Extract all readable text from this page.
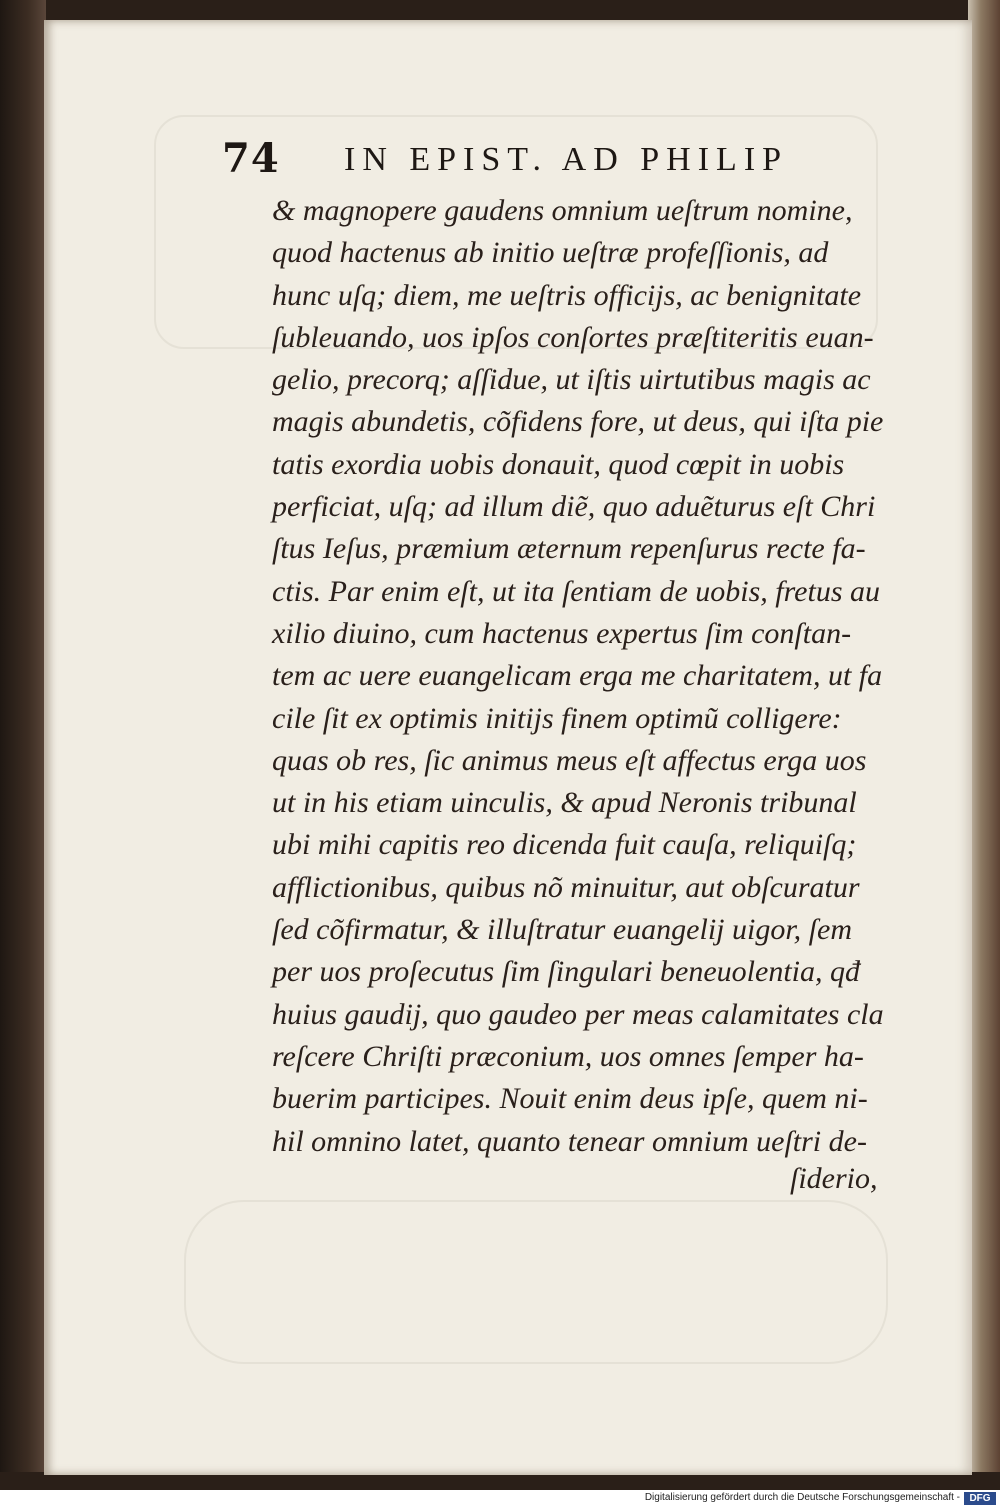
74 IN EPIST. AD PHILIP
& magnopere gaudens omnium ueſtrum nomine,
quod hactenus ab initio ueſtræ profeſſionis, ad
hunc uſq; diem, me ueſtris officijs, ac benignitate
ſubleuando, uos ipſos conſortes præſtiteritis euan-
gelio, precorq; aſſidue, ut iſtis uirtutibus magis ac
magis abundetis, cõfidens fore, ut deus, qui iſta pie
tatis exordia uobis donauit, quod cœpit in uobis
perficiat, uſq; ad illum diẽ, quo aduẽturus eſt Chri
ſtus Ieſus, præmium æternum repenſurus recte fa-
ctis. Par enim eſt, ut ita ſentiam de uobis, fretus au
xilio diuino, cum hactenus expertus ſim conſtan-
tem ac uere euangelicam erga me charitatem, ut fa
cile ſit ex optimis initijs finem optimũ colligere:
quas ob res, ſic animus meus eſt affectus erga uos
ut in his etiam uinculis, & apud Neronis tribunal
ubi mihi capitis reo dicenda fuit cauſa, reliquiſq;
afflictionibus, quibus nõ minuitur, aut obſcuratur
ſed cõfirmatur, & illuſtratur euangelij uigor, ſem
per uos proſecutus ſim ſingulari beneuolentia, qđ
huius gaudij, quo gaudeo per meas calamitates cla
reſcere Chriſti præconium, uos omnes ſemper ha-
buerim participes. Nouit enim deus ipſe, quem ni-
hil omnino latet, quanto tenear omnium ueſtri de-
ſiderio,
Digitalisierung gefördert durch die Deutsche Forschungsgemeinschaft - DFG
